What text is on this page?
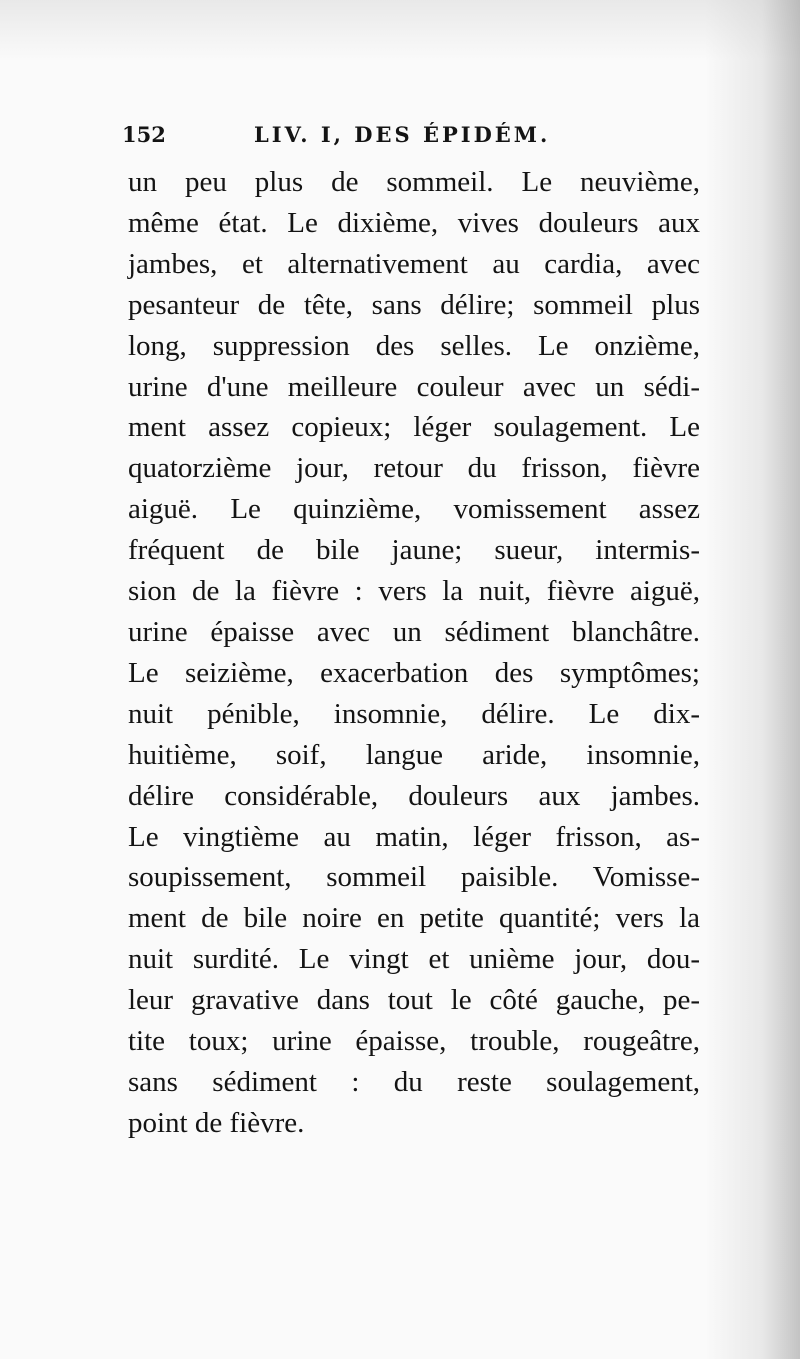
152	LIV. I, DES ÉPIDÉM.
un peu plus de sommeil. Le neuvième,
même état. Le dixième, vives douleurs aux
jambes, et alternativement au cardia, avec
pesanteur de tête, sans délire; sommeil plus
long, suppression des selles. Le onzième,
urine d'une meilleure couleur avec un sédi-
ment assez copieux; léger soulagement. Le
quatorzième jour, retour du frisson, fièvre
aiguë. Le quinzième, vomissement assez
fréquent de bile jaune; sueur, intermis-
sion de la fièvre : vers la nuit, fièvre aiguë,
urine épaisse avec un sédiment blanchâtre.
Le seizième, exacerbation des symptômes;
nuit pénible, insomnie, délire. Le dix-
huitième, soif, langue aride, insomnie,
délire considérable, douleurs aux jambes.
Le vingtième au matin, léger frisson, as-
soupissement, sommeil paisible. Vomisse-
ment de bile noire en petite quantité; vers la
nuit surdité. Le vingt et unième jour, dou-
leur gravative dans tout le côté gauche, pe-
tite toux; urine épaisse, trouble, rougeâtre,
sans sédiment : du reste soulagement,
point de fièvre.
